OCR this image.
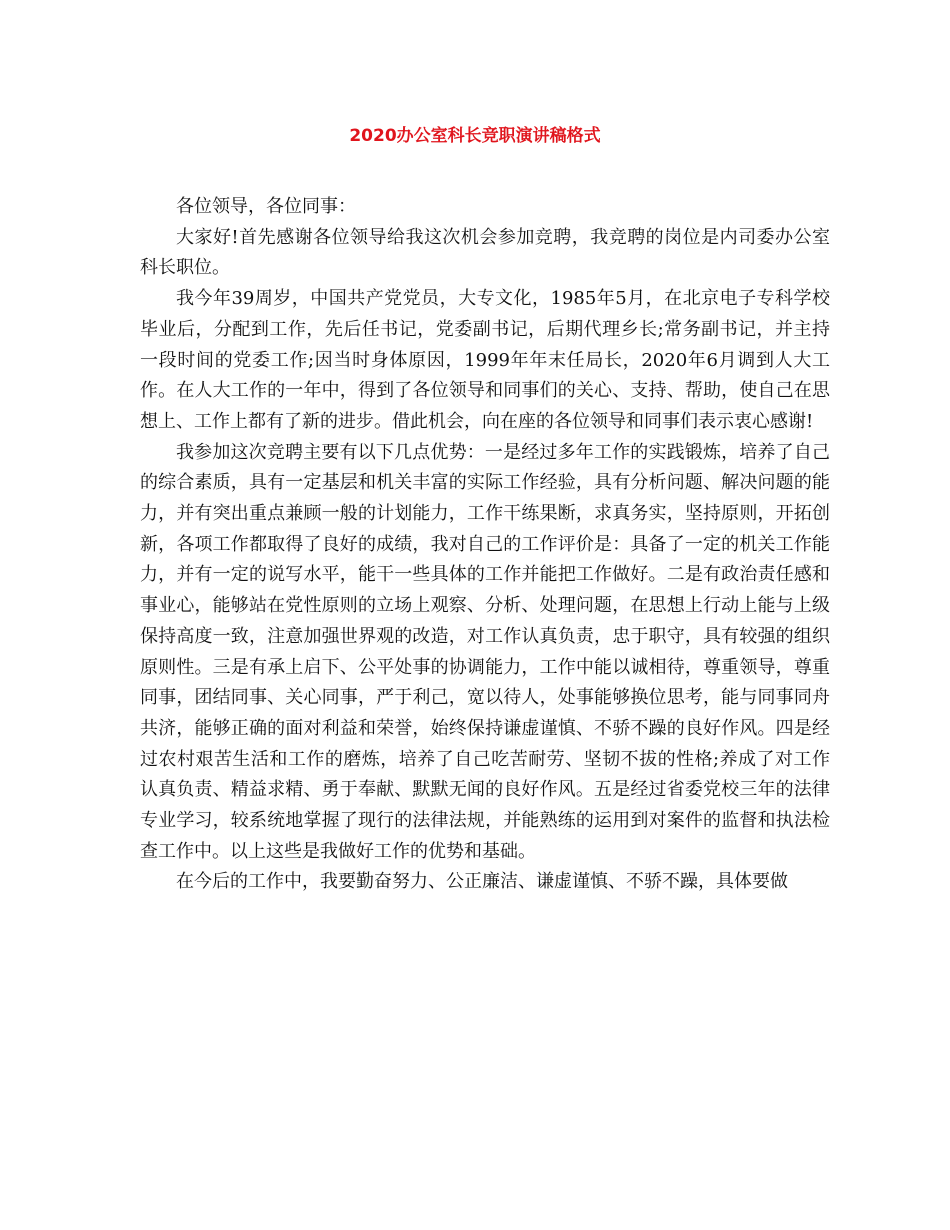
2020办公室科长竞职演讲稿格式

各位领导，各位同事：

大家好!首先感谢各位领导给我这次机会参加竞聘，我竞聘的岗位是内司委办公室科长职位。

我今年39周岁，中国共产党党员，大专文化，1985年5月，在北京电子专科学校毕业后，分配到工作，先后任书记，党委副书记，后期代理乡长;常务副书记，并主持一段时间的党委工作;因当时身体原因，1999年年末任局长，2020年6月调到人大工作。在人大工作的一年中，得到了各位领导和同事们的关心、支持、帮助，使自己在思想上、工作上都有了新的进步。借此机会，向在座的各位领导和同事们表示衷心感谢!

我参加这次竞聘主要有以下几点优势：一是经过多年工作的实践锻炼，培养了自己的综合素质，具有一定基层和机关丰富的实际工作经验，具有分析问题、解决问题的能力，并有突出重点兼顾一般的计划能力，工作干练果断，求真务实，坚持原则，开拓创新，各项工作都取得了良好的成绩，我对自己的工作评价是：具备了一定的机关工作能力，并有一定的说写水平，能干一些具体的工作并能把工作做好。二是有政治责任感和事业心，能够站在党性原则的立场上观察、分析、处理问题，在思想上行动上能与上级保持高度一致，注意加强世界观的改造，对工作认真负责，忠于职守，具有较强的组织原则性。三是有承上启下、公平处事的协调能力，工作中能以诚相待，尊重领导，尊重同事，团结同事、关心同事，严于利己，宽以待人，处事能够换位思考，能与同事同舟共济，能够正确的面对利益和荣誉，始终保持谦虚谨慎、不骄不躁的良好作风。四是经过农村艰苦生活和工作的磨炼，培养了自己吃苦耐劳、坚韧不拔的性格;养成了对工作认真负责、精益求精、勇于奉献、默默无闻的良好作风。五是经过省委党校三年的法律专业学习，较系统地掌握了现行的法律法规，并能熟练的运用到对案件的监督和执法检查工作中。以上这些是我做好工作的优势和基础。

在今后的工作中，我要勤奋努力、公正廉洁、谦虚谨慎、不骄不躁，具体要做
